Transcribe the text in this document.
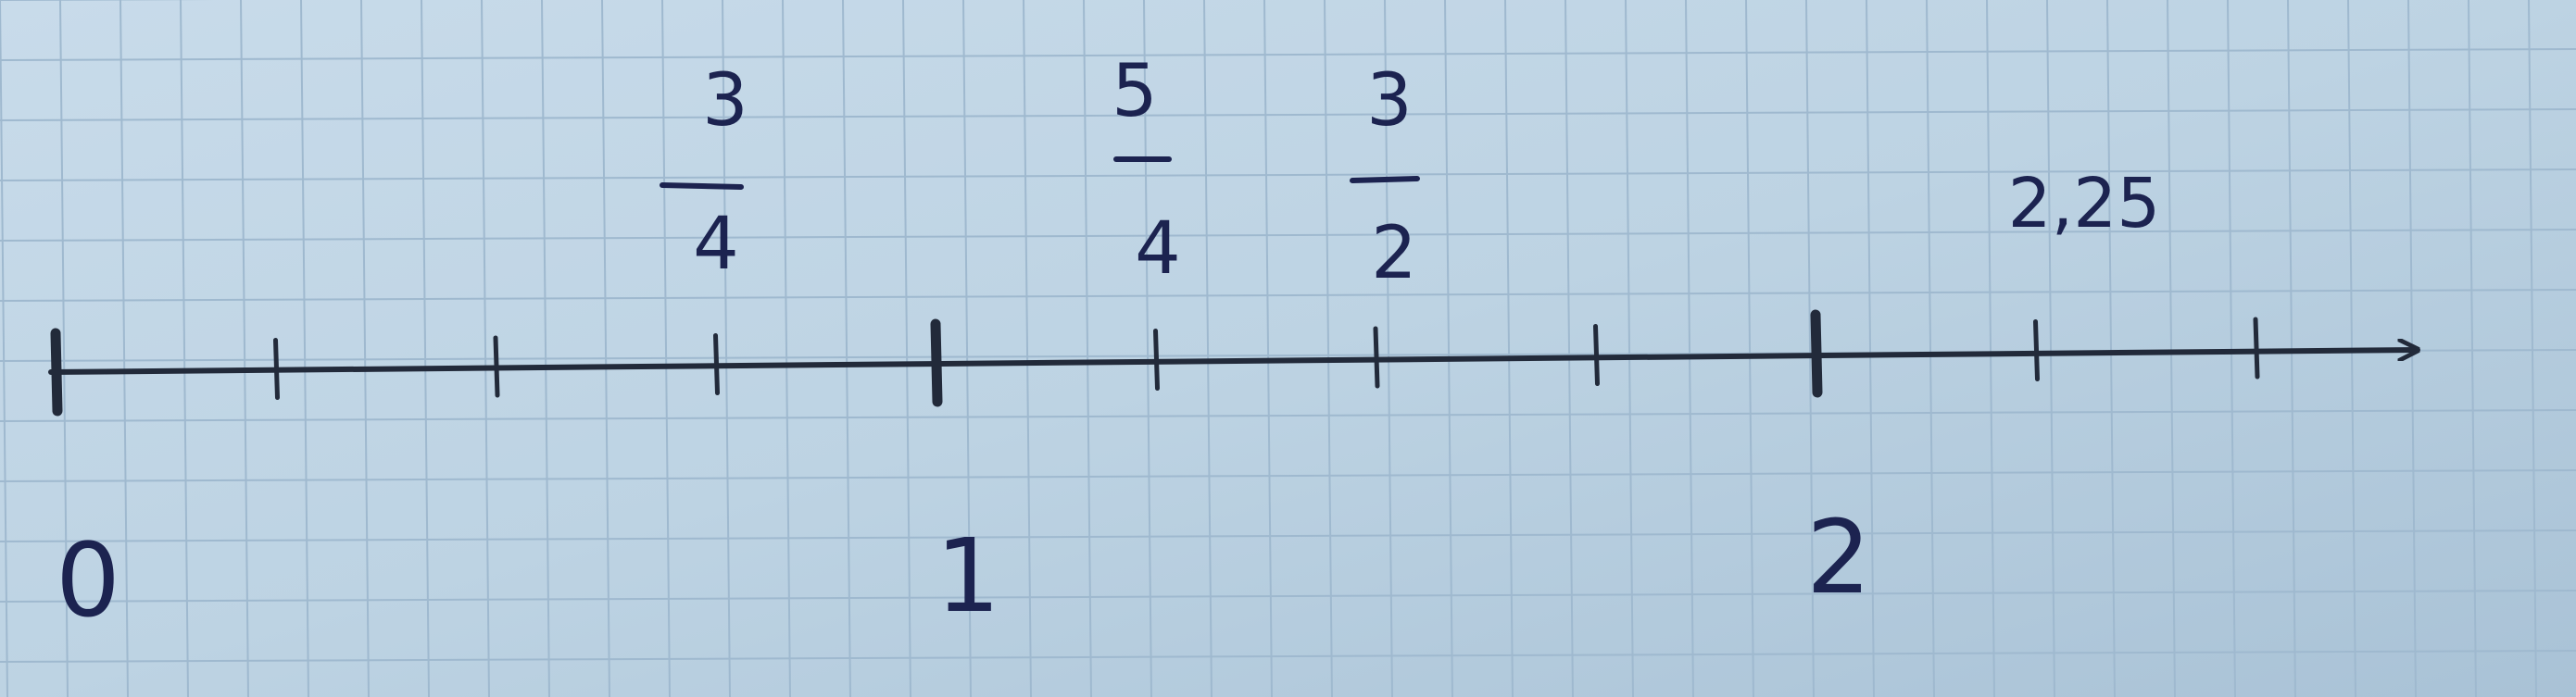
0	1	2
3
4
5
4
3
2
2,25
